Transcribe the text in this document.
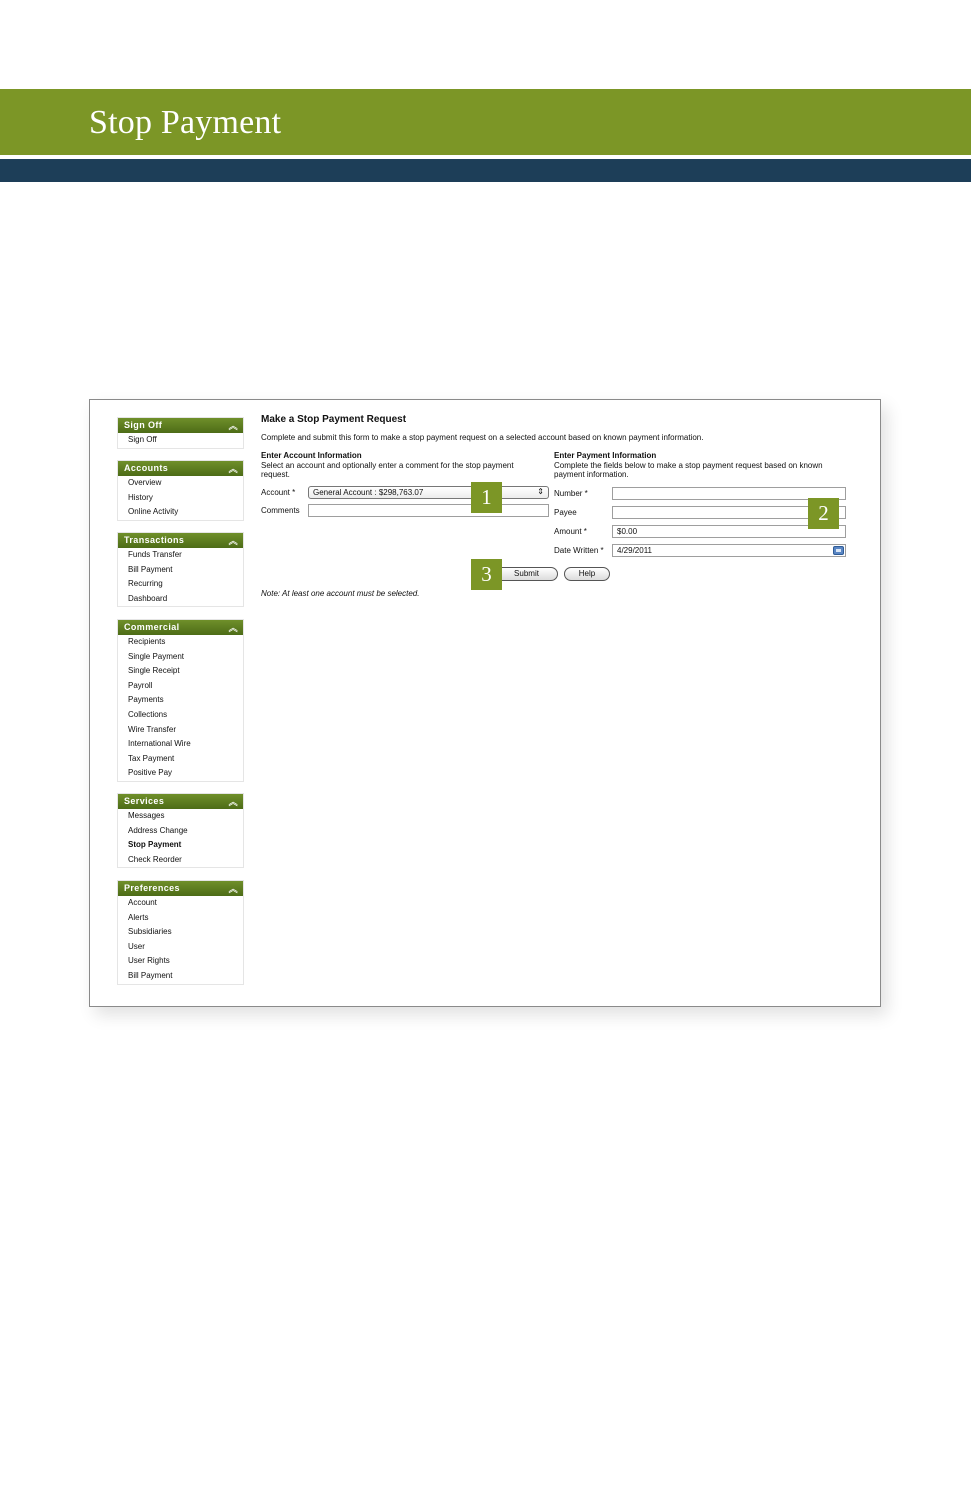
Stop Payment
Sign Off	︽
Sign Off
Accounts	︽
Overview
History
Online Activity
Transactions	︽
Funds Transfer
Bill Payment
Recurring
Dashboard
Commercial	︽
Recipients
Single Payment
Single Receipt
Payroll
Payments
Collections
Wire Transfer
International Wire
Tax Payment
Positive Pay
Services	︽
Messages
Address Change
Stop Payment
Check Reorder
Preferences	︽
Account
Alerts
Subsidiaries
User
User Rights
Bill Payment
Make a Stop Payment Request
Complete and submit this form to make a stop payment request on a selected account based on known payment information.
Enter Account Information
Select an account and optionally enter a comment for the stop payment
request.
Account *	General Account : $298,763.07	⇕
Comments
Enter Payment Information
Complete the fields below to make a stop payment request based on known
payment information.
Number *
Payee
Amount *	$0.00
Date Written *	4/29/2011
Submit	Help
Note: At least one account must be selected.
1
2
3
